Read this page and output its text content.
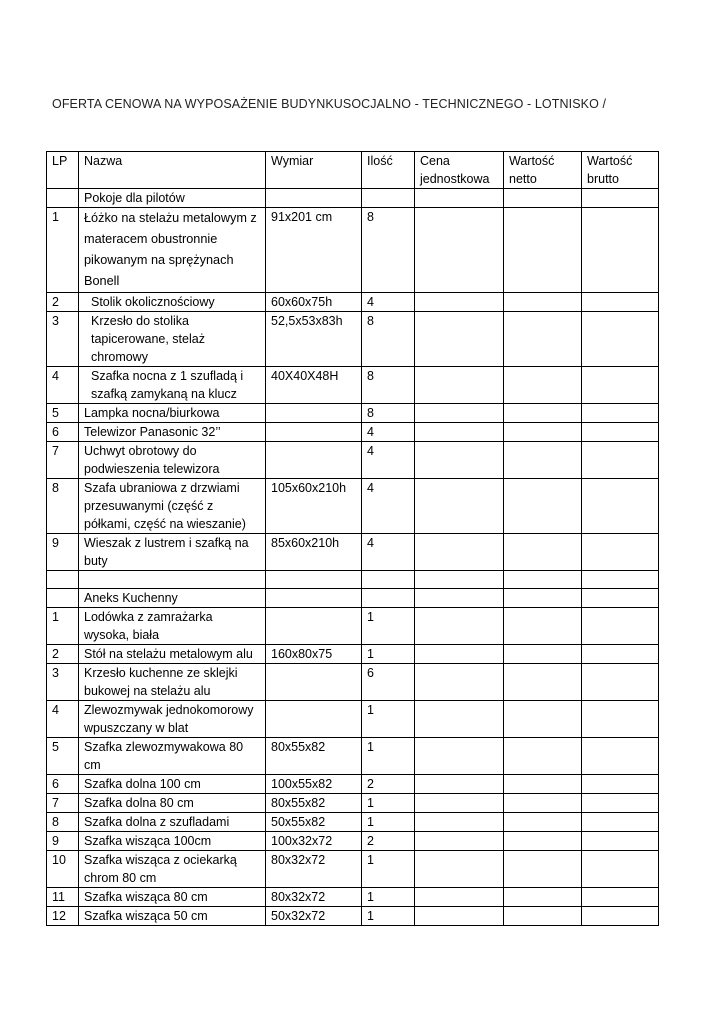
OFERTA CENOWA NA WYPOSAŻENIE BUDYNKUSOCJALNO - TECHNICZNEGO - LOTNISKO /
LP	Nazwa	Wymiar	Ilość	Cena jednostkowa	Wartość netto	Wartość brutto
	Pokoje dla pilotów					
1	Łóżko na stelażu metalowym z materacem obustronnie pikowanym na sprężynach Bonell	91x201 cm	8			
2	Stolik okolicznościowy	60x60x75h	4			
3	Krzesło do stolika tapicerowane, stelaż chromowy	52,5x53x83h	8			
4	Szafka nocna z 1 szufladą i szafką zamykaną na klucz	40X40X48H	8			
5	Lampka nocna/biurkowa		8			
6	Telewizor Panasonic 32’’		4			
7	Uchwyt obrotowy do podwieszenia telewizora		4			
8	Szafa ubraniowa z drzwiami przesuwanymi (część z półkami, część na wieszanie)	105x60x210h	4			
9	Wieszak z lustrem i szafką na buty	85x60x210h	4			

	Aneks Kuchenny					
1	Lodówka z zamrażarka wysoka, biała		1			
2	Stół na stelażu metalowym alu	160x80x75	1			
3	Krzesło kuchenne ze sklejki bukowej na stelażu alu		6			
4	Zlewozmywak jednokomorowy wpuszczany w blat		1			
5	Szafka zlewozmywakowa 80 cm	80x55x82	1			
6	Szafka dolna 100 cm	100x55x82	2			
7	Szafka dolna 80 cm	80x55x82	1			
8	Szafka dolna z szufladami	50x55x82	1			
9	Szafka wisząca 100cm	100x32x72	2			
10	Szafka wisząca z ociekarką chrom 80 cm	80x32x72	1			
11	Szafka wisząca 80 cm	80x32x72	1			
12	Szafka wisząca 50 cm	50x32x72	1			
